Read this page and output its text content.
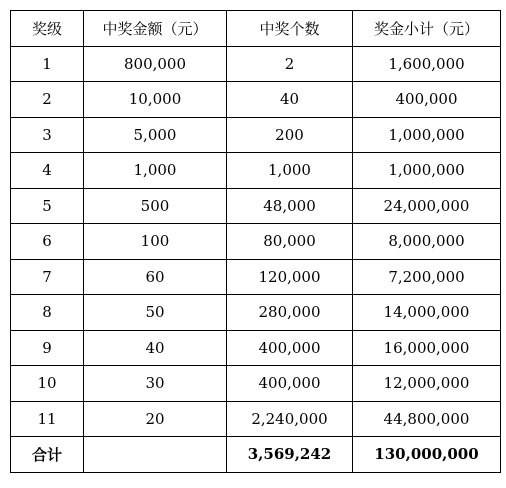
奖级	中奖金额（元）	中奖个数	奖金小计（元）
1	800,000	2	1,600,000
2	10,000	40	400,000
3	5,000	200	1,000,000
4	1,000	1,000	1,000,000
5	500	48,000	24,000,000
6	100	80,000	8,000,000
7	60	120,000	7,200,000
8	50	280,000	14,000,000
9	40	400,000	16,000,000
10	30	400,000	12,000,000
11	20	2,240,000	44,800,000
合计		3,569,242	130,000,000
